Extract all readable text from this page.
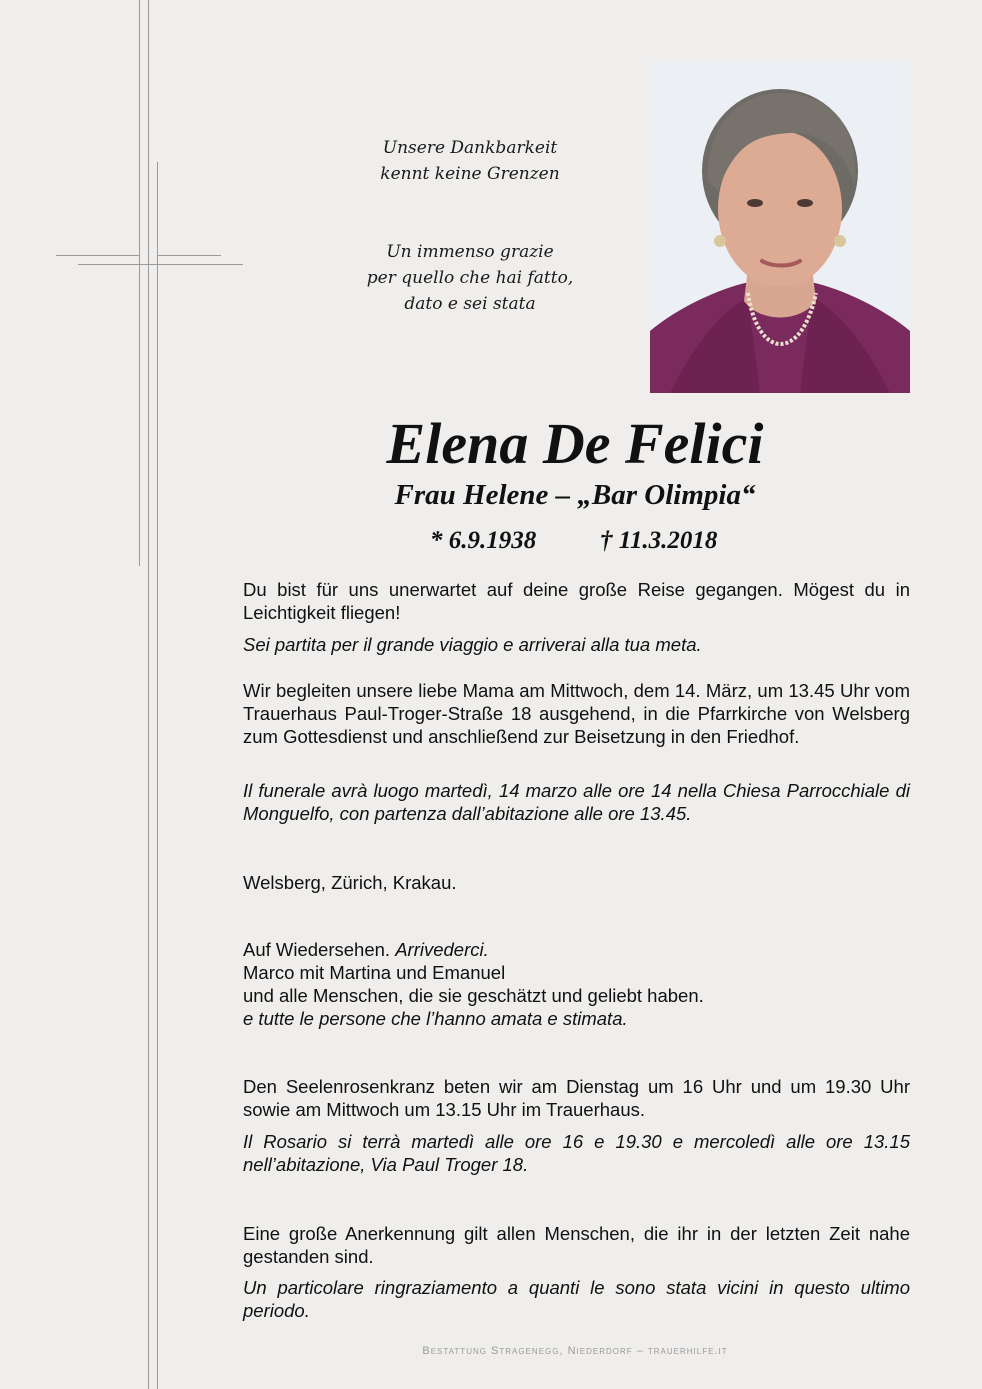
Unsere Dankbarkeit
kennt keine Grenzen
Un immenso grazie
per quello che hai fatto,
dato e sei stata
Elena De Felici
Frau Helene – „Bar Olimpia“
* 6.9.1938	† 11.3.2018
Du bist für uns unerwartet auf deine große Reise gegangen. Mögest du in Leichtigkeit fliegen!
Sei partita per il grande viaggio e arriverai alla tua meta.
Wir begleiten unsere liebe Mama am Mittwoch, dem 14. März, um 13.45 Uhr vom Trauerhaus Paul-Troger-Straße 18 ausgehend, in die Pfarrkirche von Welsberg zum Gottesdienst und anschließend zur Beisetzung in den Friedhof.
Il funerale avrà luogo martedì, 14 marzo alle ore 14 nella Chiesa Parrocchiale di Monguelfo, con partenza dall’abitazione alle ore 13.45.
Welsberg, Zürich, Krakau.
Auf Wiedersehen. Arrivederci.
Marco mit Martina und Emanuel
und alle Menschen, die sie geschätzt und geliebt haben.
e tutte le persone che l’hanno amata e stimata.
Den Seelenrosenkranz beten wir am Dienstag um 16 Uhr und um 19.30 Uhr sowie am Mittwoch um 13.15 Uhr im Trauerhaus.
Il Rosario si terrà martedì alle ore 16 e 19.30 e mercoledì alle ore 13.15 nell’abitazione, Via Paul Troger 18.
Eine große Anerkennung gilt allen Menschen, die ihr in der letzten Zeit nahe gestanden sind.
Un particolare ringraziamento a quanti le sono stata vicini in questo ultimo periodo.
Bestattung Stragenegg, Niederdorf – trauerhilfe.it
